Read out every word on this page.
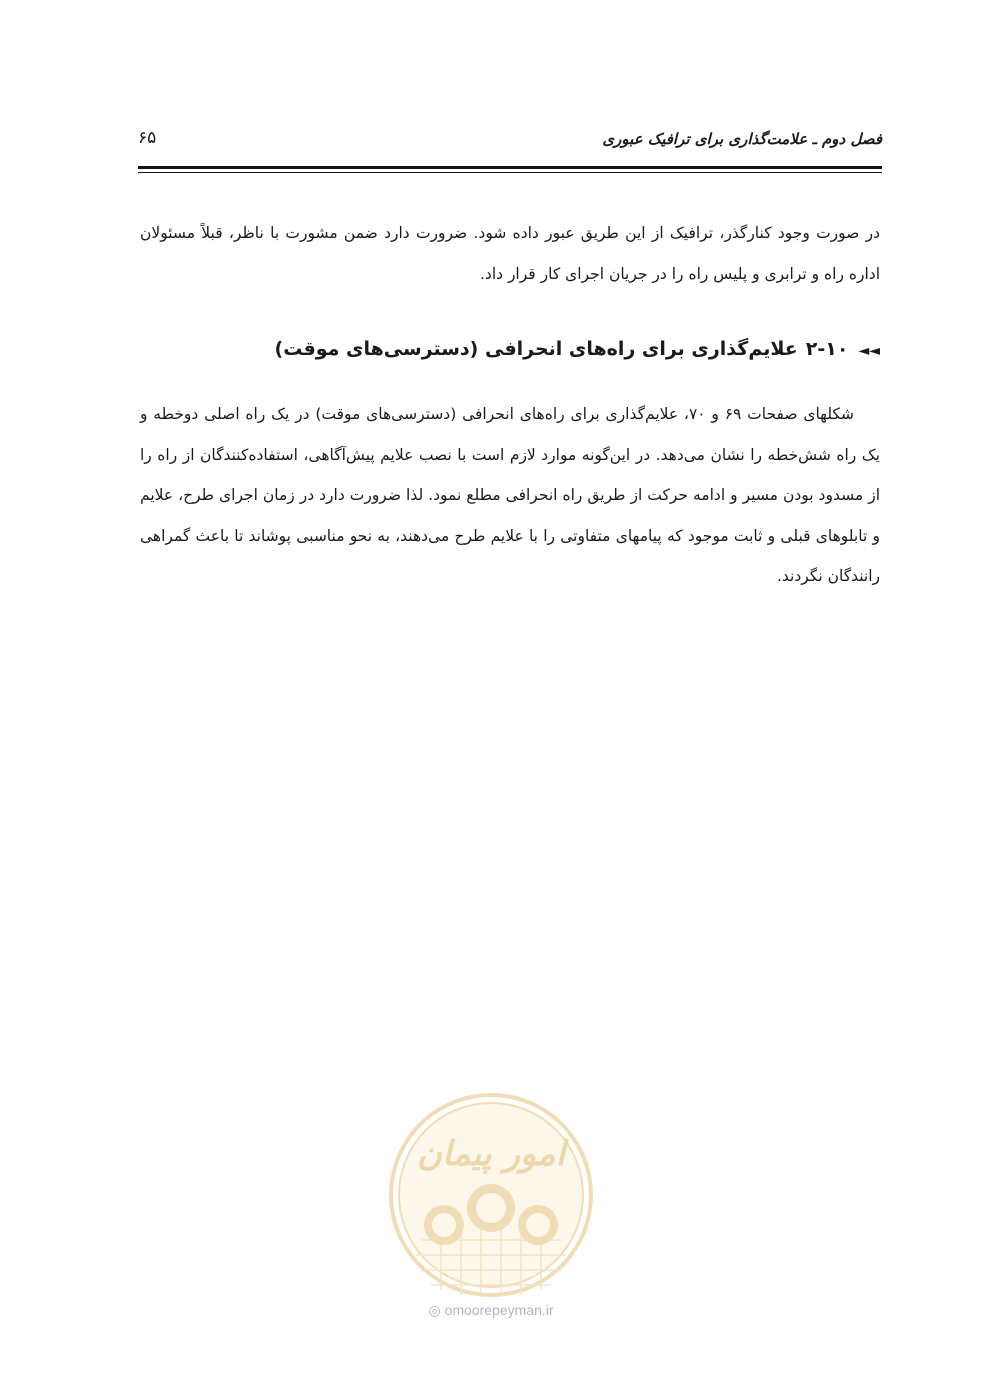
فصل دوم ـ علامت‌گذاری برای ترافیک عبوری
۶۵

در صورت وجود کنارگذر، ترافیک از این طریق عبور داده شود. ضرورت دارد ضمن مشورت با ناظر، قبلاً مسئولان اداره راه و ترابری و پلیس راه را در جریان اجرای کار قرار داد.

◄◄۲-۱۰علایم‌گذاری برای راه‌های انحرافی (دسترسی‌های موقت)

شکلهای صفحات ۶۹ و ۷۰، علایم‌گذاری برای راه‌های انحرافی (دسترسی‌های موقت) در یک راه اصلی دوخطه و یک راه شش‌خطه را نشان می‌دهد. در این‌گونه موارد لازم است با نصب علایم پیش‌آگاهی، استفاده‌کنندگان از راه را از مسدود بودن مسیر و ادامه حرکت از طریق راه انحرافی مطلع نمود. لذا ضرورت دارد در زمان اجرای طرح، علایم و تابلوهای قبلی و ثابت موجود که پیامهای متفاوتی را با علایم طرح می‌دهند، به نحو مناسبی پوشاند تا باعث گمراهی رانندگان نگردند.

امور پیمان
◎ omoorepeyman.ir
